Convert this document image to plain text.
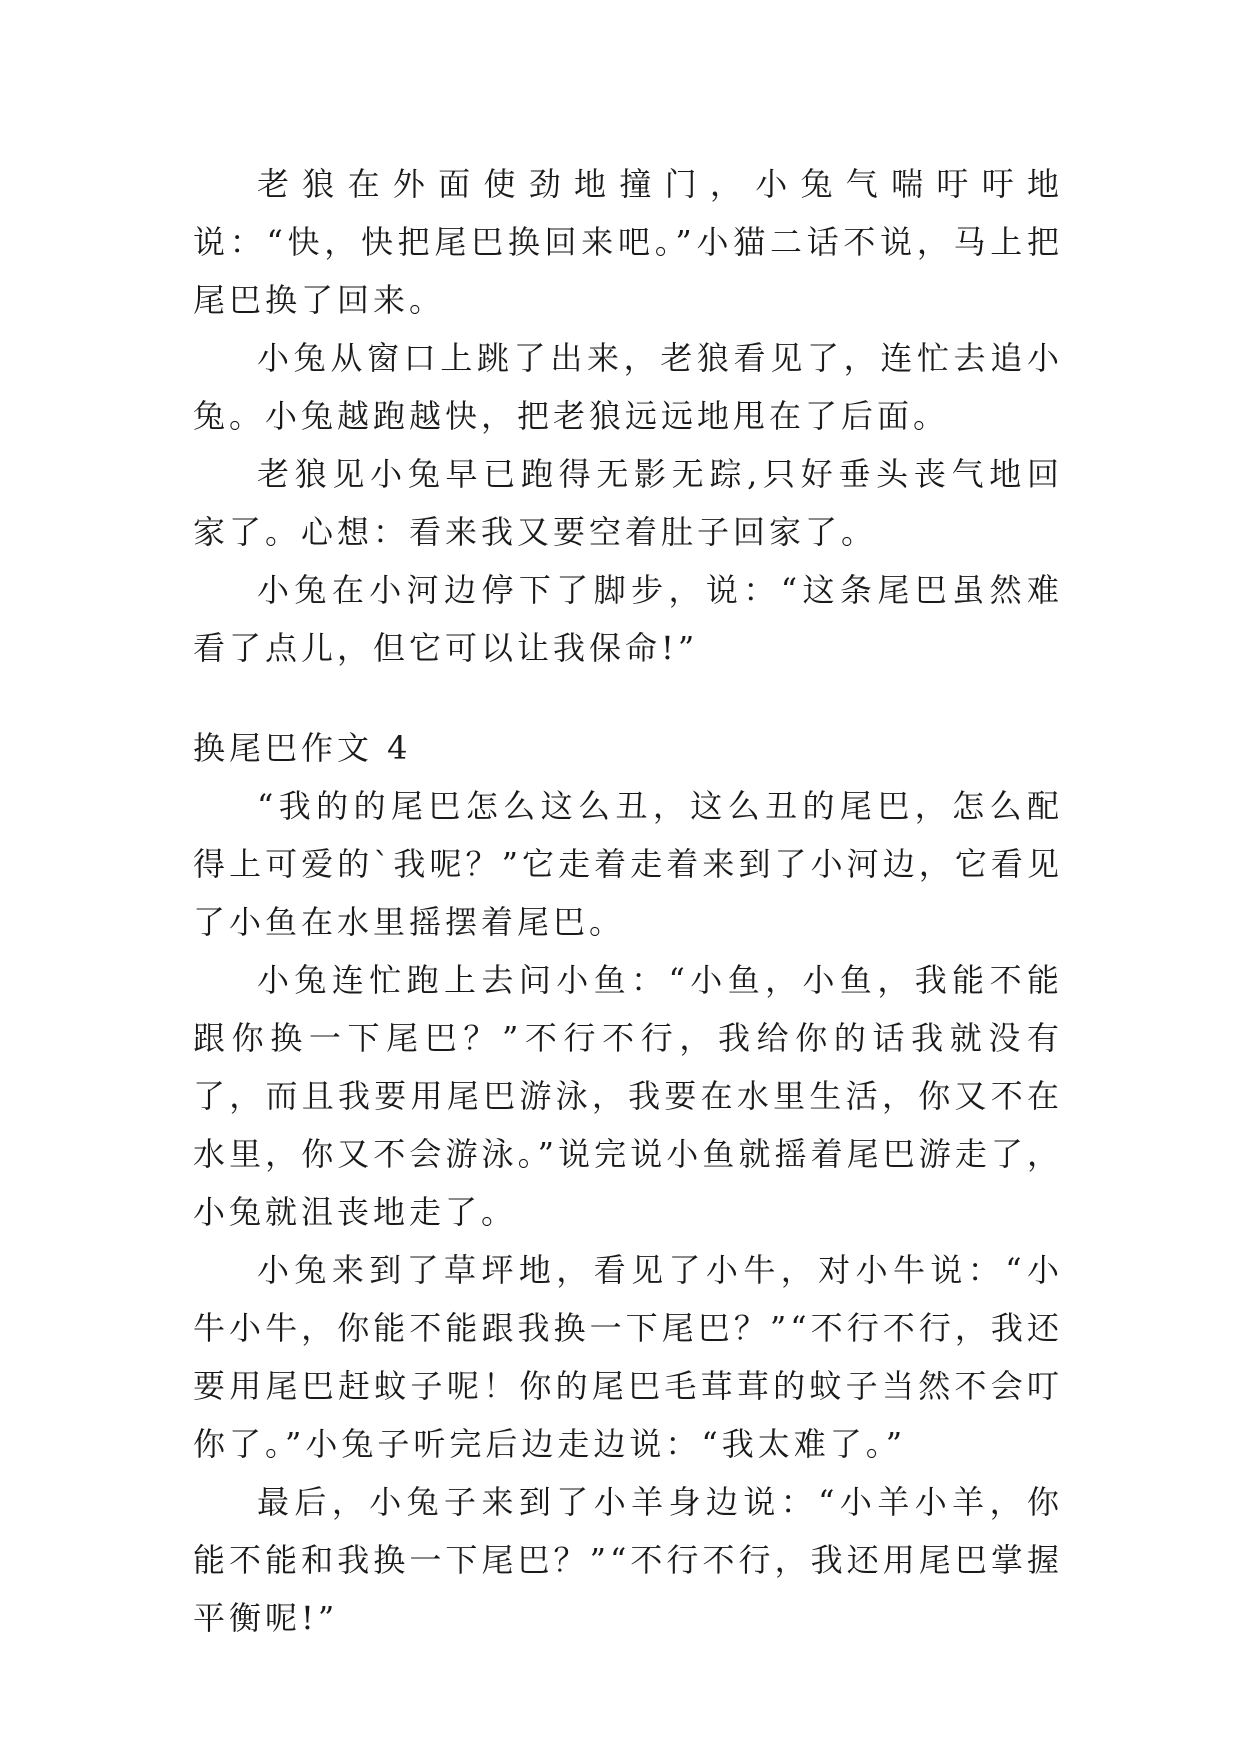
老狼在外面使劲地撞门，小兔气喘吁吁地说：“快，快把尾巴换回来吧。”小猫二话不说，马上把尾巴换了回来。

小兔从窗口上跳了出来，老狼看见了，连忙去追小兔。小兔越跑越快，把老狼远远地甩在了后面。

老狼见小兔早已跑得无影无踪,只好垂头丧气地回家了。心想：看来我又要空着肚子回家了。

小兔在小河边停下了脚步，说：“这条尾巴虽然难看了点儿，但它可以让我保命!”

换尾巴作文 4

“我的的尾巴怎么这么丑，这么丑的尾巴，怎么配得上可爱的`我呢？”它走着走着来到了小河边，它看见了小鱼在水里摇摆着尾巴。

小兔连忙跑上去问小鱼：“小鱼，小鱼，我能不能跟你换一下尾巴？”不行不行，我给你的话我就没有了，而且我要用尾巴游泳，我要在水里生活，你又不在水里，你又不会游泳。”说完说小鱼就摇着尾巴游走了，小兔就沮丧地走了。

小兔来到了草坪地，看见了小牛，对小牛说：“小牛小牛，你能不能跟我换一下尾巴？”“不行不行，我还要用尾巴赶蚊子呢！你的尾巴毛茸茸的蚊子当然不会叮你了。”小兔子听完后边走边说：“我太难了。”

最后，小兔子来到了小羊身边说：“小羊小羊，你能不能和我换一下尾巴？”“不行不行，我还用尾巴掌握平衡呢!”
